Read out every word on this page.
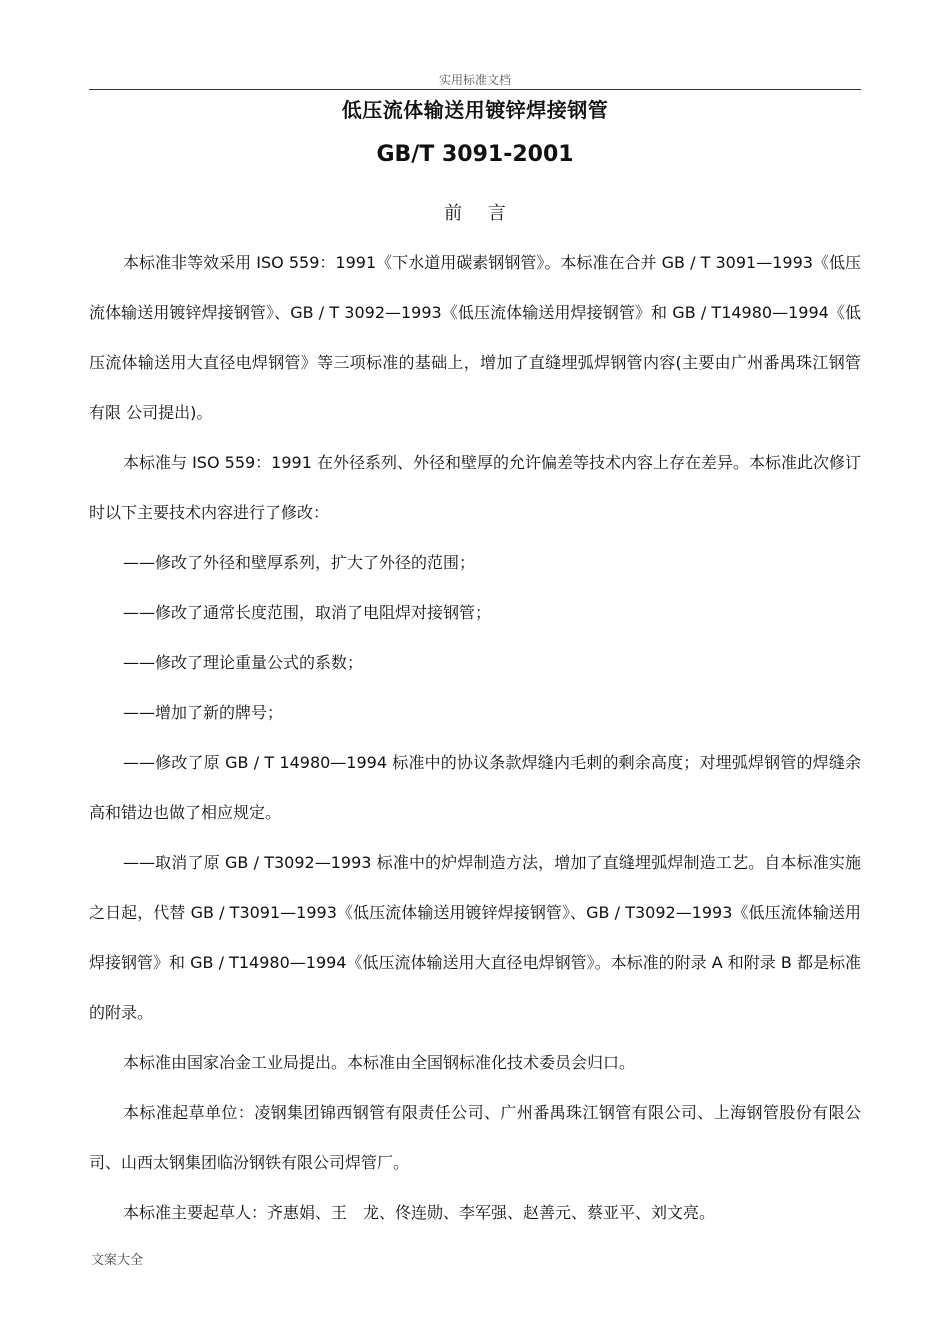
实用标准文档
低压流体输送用镀锌焊接钢管
GB/T 3091-2001
前 言

本标准非等效采用 ISO 559：1991《下水道用碳素钢钢管》。本标准在合并 GB / T 3091—1993《低压流体输送用镀锌焊接钢管》、GB / T 3092—1993《低压流体输送用焊接钢管》和 GB / T14980—1994《低压流体输送用大直径电焊钢管》等三项标准的基础上，增加了直缝埋弧焊钢管内容(主要由广州番禺珠江钢管有限 公司提出)。

本标准与 ISO 559：1991 在外径系列、外径和壁厚的允许偏差等技术内容上存在差异。本标准此次修订时以下主要技术内容进行了修改：

——修改了外径和壁厚系列，扩大了外径的范围；

——修改了通常长度范围，取消了电阻焊对接钢管；

——修改了理论重量公式的系数；

——增加了新的牌号；

——修改了原 GB / T 14980—1994 标准中的协议条款焊缝内毛刺的剩余高度；对埋弧焊钢管的焊缝余 高和错边也做了相应规定。

——取消了原 GB / T3092—1993 标准中的炉焊制造方法，增加了直缝埋弧焊制造工艺。自本标准实施之日起，代替 GB / T3091—1993《低压流体输送用镀锌焊接钢管》、GB / T3092—1993《低压流体输送用焊接钢管》和 GB / T14980—1994《低压流体输送用大直径电焊钢管》。本标准的附录 A 和附录 B 都是标准的附录。

本标准由国家冶金工业局提出。本标准由全国钢标准化技术委员会归口。

本标准起草单位：凌钢集团锦西钢管有限责任公司、广州番禺珠江钢管有限公司、上海钢管股份有限公司、山西太钢集团临汾钢铁有限公司焊管厂。

本标准主要起草人：齐惠娟、王　龙、佟连勋、李军强、赵善元、蔡亚平、刘文亮。

文案大全
